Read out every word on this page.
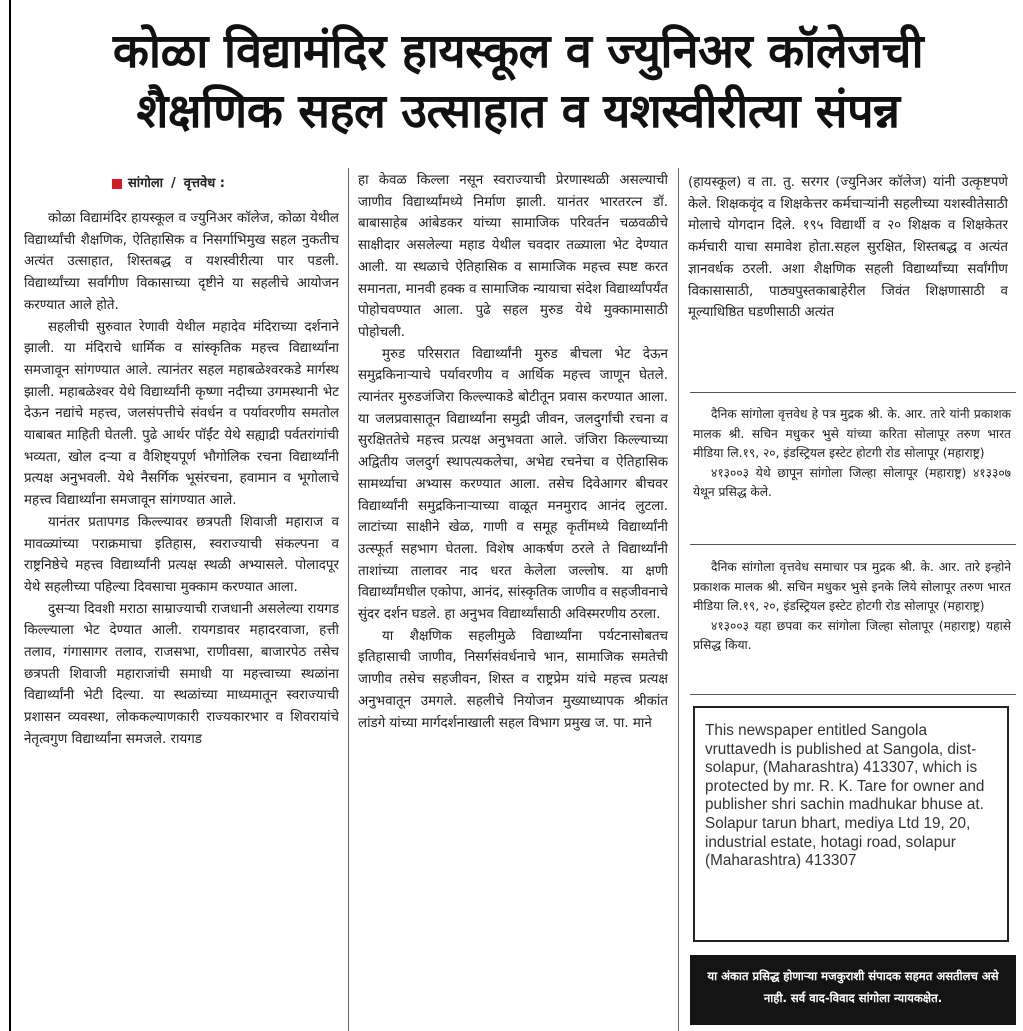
कोळा विद्यामंदिर हायस्कूल व ज्युनिअर कॉलेजची
शैक्षणिक सहल उत्साहात व यशस्वीरीत्या संपन्न
सांगोला / वृत्तवेध :

कोळा विद्यामंदिर हायस्कूल व ज्युनिअर कॉलेज, कोळा येथील विद्यार्थ्यांची शैक्षणिक, ऐतिहासिक व निसर्गाभिमुख सहल नुकतीच अत्यंत उत्साहात, शिस्तबद्ध व यशस्वीरीत्या पार पडली. विद्यार्थ्यांच्या सर्वांगीण विकासाच्या दृष्टीने या सहलीचे आयोजन करण्यात आले होते.

सहलीची सुरुवात रेणावी येथील महादेव मंदिराच्या दर्शनाने झाली. या मंदिराचे धार्मिक व सांस्कृतिक महत्त्व विद्यार्थ्यांना समजावून सांगण्यात आले. त्यानंतर सहल महाबळेश्वरकडे मार्गस्थ झाली. महाबळेश्वर येथे विद्यार्थ्यांनी कृष्णा नदीच्या उगमस्थानी भेट देऊन नद्यांचे महत्त्व, जलसंपत्तीचे संवर्धन व पर्यावरणीय समतोल याबाबत माहिती घेतली. पुढे आर्थर पॉईंट येथे सह्याद्री पर्वतरांगांची भव्यता, खोल दऱ्या व वैशिष्ट्यपूर्ण भौगोलिक रचना विद्यार्थ्यांनी प्रत्यक्ष अनुभवली. येथे नैसर्गिक भूसंरचना, हवामान व भूगोलाचे महत्त्व विद्यार्थ्यांना समजावून सांगण्यात आले.

यानंतर प्रतापगड किल्ल्यावर छत्रपती शिवाजी महाराज व मावळ्यांच्या पराक्रमाचा इतिहास, स्वराज्याची संकल्पना व राष्ट्रनिष्ठेचे महत्त्व विद्यार्थ्यांनी प्रत्यक्ष स्थळी अभ्यासले. पोलादपूर येथे सहलीच्या पहिल्या दिवसाचा मुक्काम करण्यात आला.

दुसऱ्या दिवशी मराठा साम्राज्याची राजधानी असलेल्या रायगड किल्ल्याला भेट देण्यात आली. रायगडावर महादरवाजा, हत्ती तलाव, गंगासागर तलाव, राजसभा, राणीवसा, बाजारपेठ तसेच छत्रपती शिवाजी महाराजांची समाधी या महत्त्वाच्या स्थळांना विद्यार्थ्यांनी भेटी दिल्या. या स्थळांच्या माध्यमातून स्वराज्याची प्रशासन व्यवस्था, लोककल्याणकारी राज्यकारभार व शिवरायांचे नेतृत्वगुण विद्यार्थ्यांना समजले. रायगड

हा केवळ किल्ला नसून स्वराज्याची प्रेरणास्थळी असल्याची जाणीव विद्यार्थ्यांमध्ये निर्माण झाली. यानंतर भारतरत्न डॉ. बाबासाहेब आंबेडकर यांच्या सामाजिक परिवर्तन चळवळीचे साक्षीदार असलेल्या महाड येथील चवदार तळ्याला भेट देण्यात आली. या स्थळाचे ऐतिहासिक व सामाजिक महत्त्व स्पष्ट करत समानता, मानवी हक्क व सामाजिक न्यायाचा संदेश विद्यार्थ्यांपर्यंत पोहोचवण्यात आला. पुढे सहल मुरुड येथे मुक्कामासाठी पोहोचली.

मुरुड परिसरात विद्यार्थ्यांनी मुरुड बीचला भेट देऊन समुद्रकिनाऱ्याचे पर्यावरणीय व आर्थिक महत्त्व जाणून घेतले. त्यानंतर मुरुडजंजिरा किल्ल्याकडे बोटीतून प्रवास करण्यात आला. या जलप्रवासातून विद्यार्थ्यांना समुद्री जीवन, जलदुर्गांची रचना व सुरक्षिततेचे महत्त्व प्रत्यक्ष अनुभवता आले. जंजिरा किल्ल्याच्या अद्वितीय जलदुर्ग स्थापत्यकलेचा, अभेद्य रचनेचा व ऐतिहासिक सामर्थ्याचा अभ्यास करण्यात आला. तसेच दिवेआगर बीचवर विद्यार्थ्यांनी समुद्रकिनाऱ्याच्या वाळूत मनमुराद आनंद लुटला. लाटांच्या साक्षीने खेळ, गाणी व समूह कृतींमध्ये विद्यार्थ्यांनी उत्स्फूर्त सहभाग घेतला. विशेष आकर्षण ठरले ते विद्यार्थ्यांनी ताशांच्या तालावर नाद धरत केलेला जल्लोष. या क्षणी विद्यार्थ्यांमधील एकोपा, आनंद, सांस्कृतिक जाणीव व सहजीवनाचे सुंदर दर्शन घडले. हा अनुभव विद्यार्थ्यांसाठी अविस्मरणीय ठरला.

या शैक्षणिक सहलीमुळे विद्यार्थ्यांना पर्यटनासोबतच इतिहासाची जाणीव, निसर्गसंवर्धनाचे भान, सामाजिक समतेची जाणीव तसेच सहजीवन, शिस्त व राष्ट्रप्रेम यांचे महत्त्व प्रत्यक्ष अनुभवातून उमगले. सहलीचे नियोजन मुख्याध्यापक श्रीकांत लांडगे यांच्या मार्गदर्शनाखाली सहल विभाग प्रमुख ज. पा. माने

(हायस्कूल) व ता. तु. सरगर (ज्युनिअर कॉलेज) यांनी उत्कृष्टपणे केले. शिक्षकवृंद व शिक्षकेत्तर कर्मचाऱ्यांनी सहलीच्या यशस्वीतेसाठी मोलाचे योगदान दिले. १९५ विद्यार्थी व २० शिक्षक व शिक्षकेतर कर्मचारी याचा समावेश होता.सहल सुरक्षित, शिस्तबद्ध व अत्यंत ज्ञानवर्धक ठरली. अशा शैक्षणिक सहली विद्यार्थ्यांच्या सर्वांगीण विकासासाठी, पाठ्यपुस्तकाबाहेरील जिवंत शिक्षणासाठी व मूल्याधिष्ठित घडणीसाठी अत्यंत

दैनिक सांगोला वृत्तवेध हे पत्र मुद्रक श्री. के. आर. तारे यांनी प्रकाशक मालक श्री. सचिन मधुकर भुसे यांच्या करिता सोलापूर तरुण भारत मीडिया लि.१९, २०, इंडस्ट्रियल इस्टेट होटगी रोड सोलापूर (महाराष्ट्र)

४१३००३ येथे छापून सांगोला जिल्हा सोलापूर (महाराष्ट्र) ४१३३०७ येथून प्रसिद्ध केले.

दैनिक सांगोला वृत्तवेध समाचार पत्र मुद्रक श्री. के. आर. तारे इन्होने प्रकाशक मालक श्री. सचिन मधुकर भुसे इनके लिये सोलापूर तरुण भारत मीडिया लि.१९, २०, इंडस्ट्रियल इस्टेट होटगी रोड सोलापूर (महाराष्ट्र)

४१३००३ यहा छपवा कर सांगोला जिल्हा सोलापूर (महाराष्ट्र) यहासे प्रसिद्ध किया.

This newspaper entitled Sangola vruttavedh is published at Sangola, dist- solapur, (Maharashtra) 413307, which is protected by mr. R. K. Tare for owner and publisher shri sachin madhukar bhuse at. Solapur tarun bhart, mediya Ltd 19, 20, industrial estate, hotagi road, solapur (Maharashtra) 413307
या अंकात प्रसिद्ध होणाऱ्या मजकुराशी संपादक सहमत असतीलच असे नाही. सर्व वाद-विवाद सांगोला न्यायकक्षेत.
